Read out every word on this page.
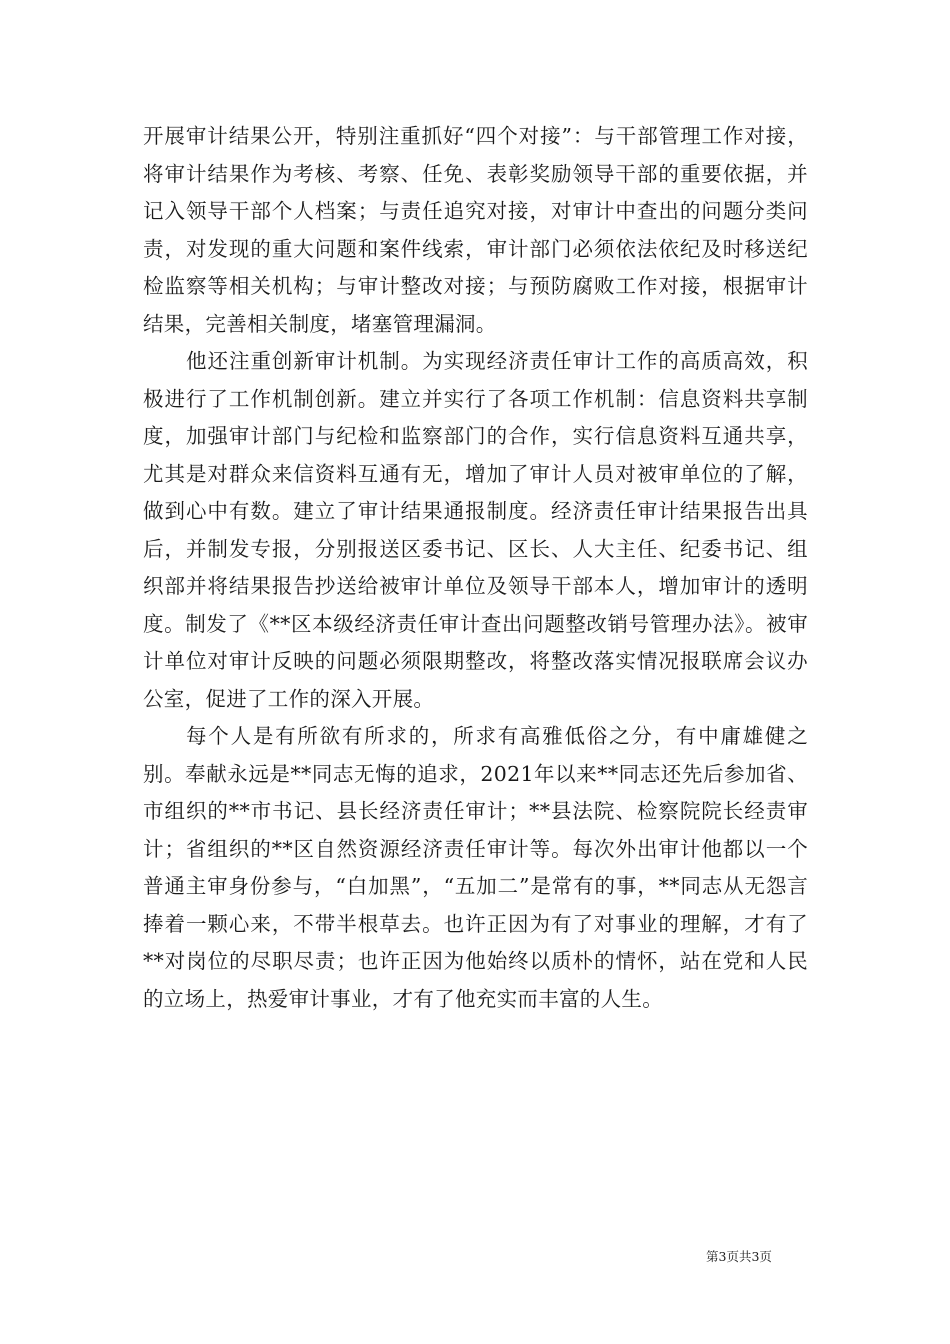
开展审计结果公开，特别注重抓好“四个对接”：与干部管理工作对接，将审计结果作为考核、考察、任免、表彰奖励领导干部的重要依据，并记入领导干部个人档案；与责任追究对接，对审计中查出的问题分类问责，对发现的重大问题和案件线索，审计部门必须依法依纪及时移送纪检监察等相关机构；与审计整改对接；与预防腐败工作对接，根据审计结果，完善相关制度，堵塞管理漏洞。

他还注重创新审计机制。为实现经济责任审计工作的高质高效，积极进行了工作机制创新。建立并实行了各项工作机制：信息资料共享制度，加强审计部门与纪检和监察部门的合作，实行信息资料互通共享，尤其是对群众来信资料互通有无，增加了审计人员对被审单位的了解，做到心中有数。建立了审计结果通报制度。经济责任审计结果报告出具后，并制发专报，分别报送区委书记、区长、人大主任、纪委书记、组织部并将结果报告抄送给被审计单位及领导干部本人，增加审计的透明度。制发了《**区本级经济责任审计查出问题整改销号管理办法》。被审计单位对审计反映的问题必须限期整改，将整改落实情况报联席会议办公室，促进了工作的深入开展。

每个人是有所欲有所求的，所求有高雅低俗之分，有中庸雄健之别。奉献永远是**同志无悔的追求，2021年以来**同志还先后参加省、市组织的**市书记、县长经济责任审计；**县法院、检察院院长经责审计；省组织的**区自然资源经济责任审计等。每次外出审计他都以一个普通主审身份参与，“白加黑”，“五加二”是常有的事，**同志从无怨言捧着一颗心来，不带半根草去。也许正因为有了对事业的理解，才有了**对岗位的尽职尽责；也许正因为他始终以质朴的情怀，站在党和人民的立场上，热爱审计事业，才有了他充实而丰富的人生。

第3页共3页
